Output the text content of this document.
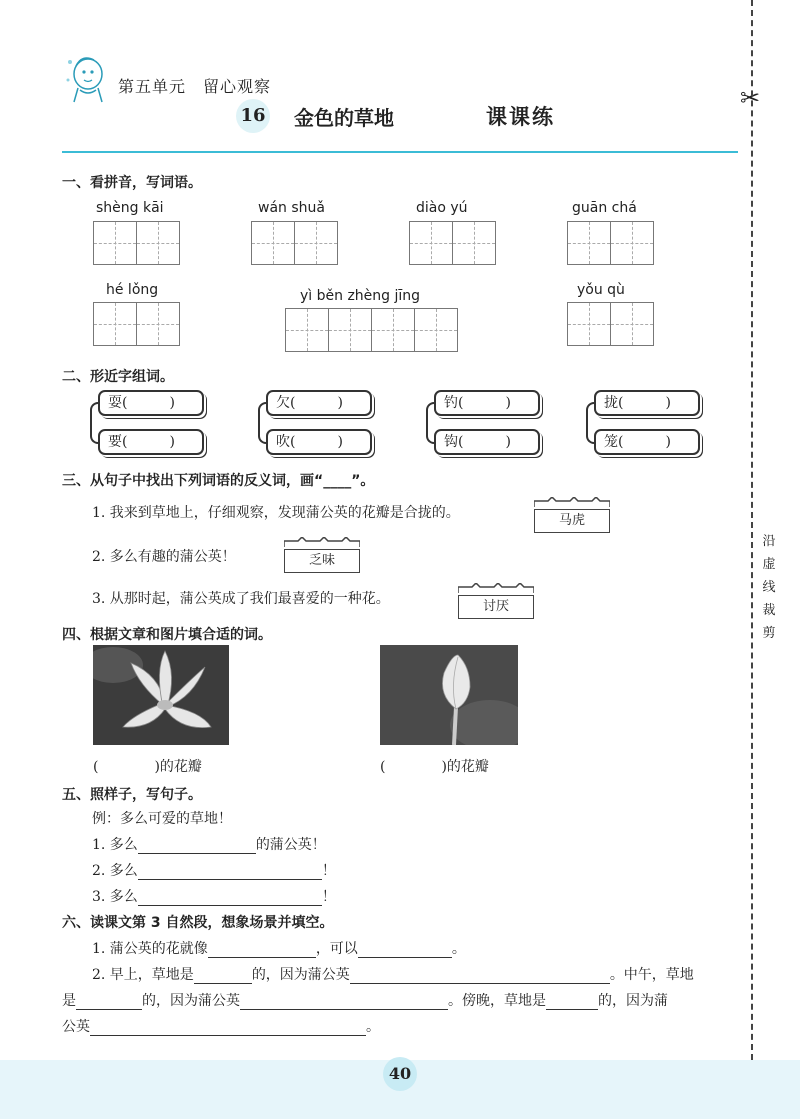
第五单元　留心观察
16 金色的草地	课课练
✂
沿
虚
线
裁
剪
一、看拼音，写词语。
shèng kāi	wán shuǎ	diào yú	guān chá
hé lǒng	yì běn zhèng jīng	yǒu qù
二、形近字组词。
耍(　　　)
要(　　　)
欠(　　　)
吹(　　　)
钓(　　　)
钩(　　　)
拢(　　　)
笼(　　　)
三、从句子中找出下列词语的反义词，画“____”。
1. 我来到草地上，仔细观察，发现蒲公英的花瓣是合拢的。	马虎
2. 多么有趣的蒲公英！	乏味
3. 从那时起，蒲公英成了我们最喜爱的一种花。	讨厌
四、根据文章和图片填合适的词。
(　　　　)的花瓣	(　　　　)的花瓣
五、照样子，写句子。
例：多么可爱的草地！
1. 多么	的蒲公英！
2. 多么	！
3. 多么	！
六、读课文第 3 自然段，想象场景并填空。
1. 蒲公英的花就像	，可以	。
2. 早上，草地是	的，因为蒲公英	。中午，草地
是	的，因为蒲公英	。傍晚，草地是	的，因为蒲
公英	。
40
